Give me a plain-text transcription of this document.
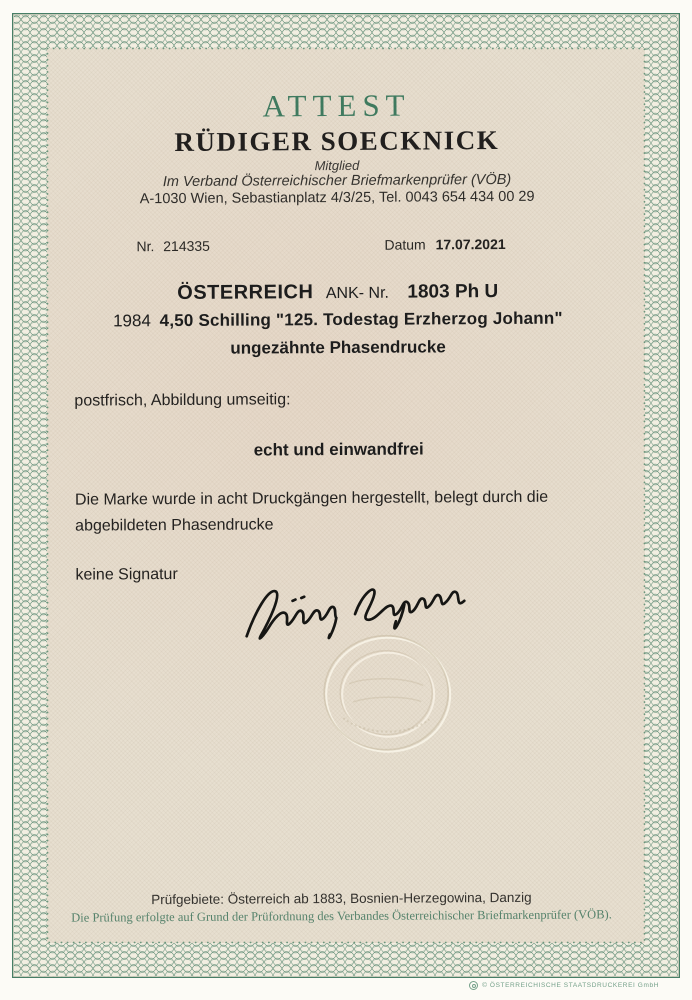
ATTEST
RÜDIGER SOECKNICK
Mitglied
Im Verband Österreichischer Briefmarkenprüfer (VÖB)
A-1030 Wien, Sebastianplatz 4/3/25, Tel. 0043 654 434 00 29
Nr. 214335	Datum 17.07.2021
ÖSTERREICH ANK- Nr. 1803 Ph U
1984 4,50 Schilling "125. Todestag Erzherzog Johann"
ungezähnte Phasendrucke
postfrisch, Abbildung umseitig:
echt und einwandfrei
Die Marke wurde in acht Druckgängen hergestellt, belegt durch die abgebildeten Phasendrucke
keine Signatur
Prüfgebiete: Österreich ab 1883, Bosnien-Herzegowina, Danzig
Die Prüfung erfolgte auf Grund der Prüfordnung des Verbandes Österreichischer Briefmarkenprüfer (VÖB).
© ÖSTERREICHISCHE STAATSDRUCKEREI GmbH
